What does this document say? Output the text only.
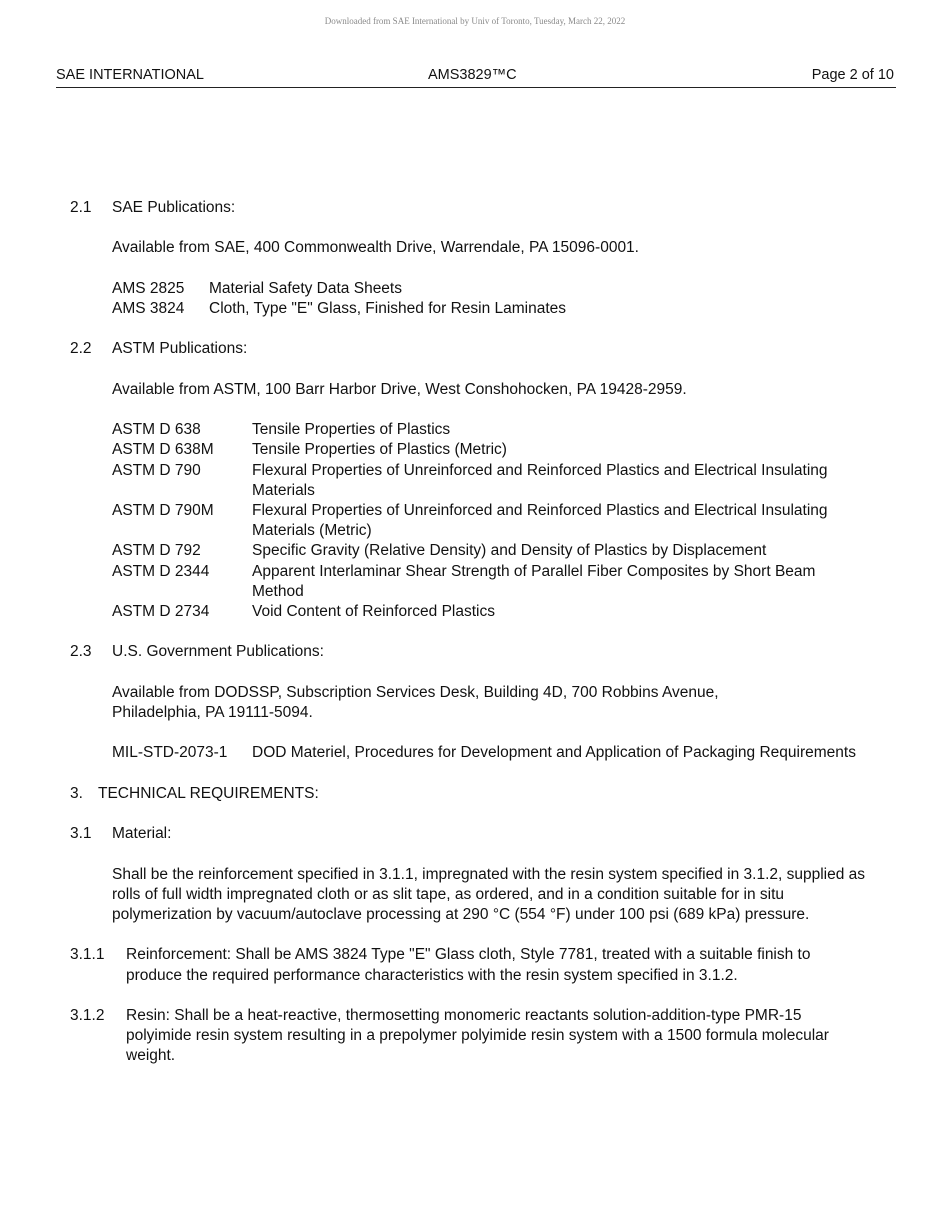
Downloaded from SAE International by Univ of Toronto, Tuesday, March 22, 2022
SAE INTERNATIONAL	AMS3829™C	Page 2 of 10
2.1	SAE Publications:
Available from SAE, 400 Commonwealth Drive, Warrendale, PA 15096-0001.
AMS 2825	Material Safety Data Sheets
AMS 3824	Cloth, Type "E" Glass, Finished for Resin Laminates
2.2	ASTM Publications:
Available from ASTM, 100 Barr Harbor Drive, West Conshohocken, PA 19428-2959.
ASTM D 638	Tensile Properties of Plastics
ASTM D 638M	Tensile Properties of Plastics (Metric)
ASTM D 790	Flexural Properties of Unreinforced and Reinforced Plastics and Electrical Insulating Materials
ASTM D 790M	Flexural Properties of Unreinforced and Reinforced Plastics and Electrical Insulating Materials (Metric)
ASTM D 792	Specific Gravity (Relative Density) and Density of Plastics by Displacement
ASTM D 2344	Apparent Interlaminar Shear Strength of Parallel Fiber Composites by Short Beam Method
ASTM D 2734	Void Content of Reinforced Plastics
2.3	U.S. Government Publications:
Available from DODSSP, Subscription Services Desk, Building 4D, 700 Robbins Avenue, Philadelphia, PA 19111-5094.
MIL-STD-2073-1	DOD Materiel, Procedures for Development and Application of Packaging Requirements
3. TECHNICAL REQUIREMENTS:
3.1	Material:
Shall be the reinforcement specified in 3.1.1, impregnated with the resin system specified in 3.1.2, supplied as rolls of full width impregnated cloth or as slit tape, as ordered, and in a condition suitable for in situ polymerization by vacuum/autoclave processing at 290 °C (554 °F) under 100 psi (689 kPa) pressure.
3.1.1	Reinforcement: Shall be AMS 3824 Type "E" Glass cloth, Style 7781, treated with a suitable finish to produce the required performance characteristics with the resin system specified in 3.1.2.
3.1.2	Resin: Shall be a heat-reactive, thermosetting monomeric reactants solution-addition-type PMR-15 polyimide resin system resulting in a prepolymer polyimide resin system with a 1500 formula molecular weight.
